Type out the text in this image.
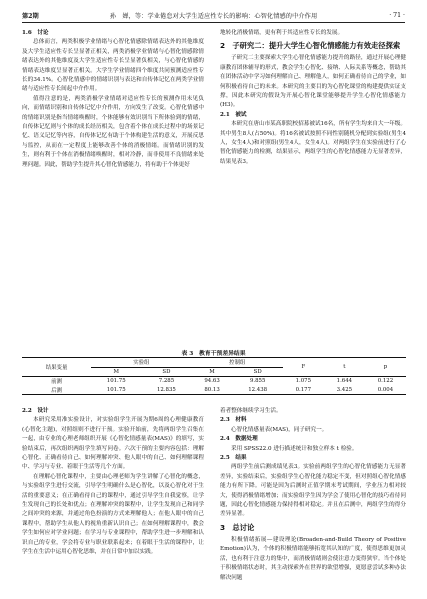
第2期	孙　婵，等：学业倦怠对大学生适应性专长的影响：心智化情感的中介作用	· 71 ·
1.6　讨论

总体而言，两类积极学业情绪与心智化情感除情绪表达外的其他维度及大学生适应性专长呈显著正相关，两类消极学业情绪与心智化情感除情绪表达外的其他维度及大学生适应性专长呈显著负相关，与心智化情感的情绪表达维度呈显著正相关。大学生学业情绪四个维度共同预测适应性专长的34.1%。心智化情感中的情绪识别与表达和自传体记忆在两类学业情绪与适应性专长间起中介作用。

值得注意的是，两类消极学业情绪对适应性专长的预测作用未见负向，而情绪识别和自传体记忆中介作用，方向发生了改变。心智化情感中的情绪识别是指当情绪唤醒时，个体能够有效识别当下所体验到的情绪，自传体记忆则与个体的成长经历相关，包含着个体在成长过程中的场景记忆、语义记忆等内容，自传体记忆有助于个体构建生活的意义，开展反思与监控，从而在一定程度上能够改善个体的消极情绪。而情绪识别的发生，则有利于个体在消极情绪唤醒时，相对冷静，而非使用不良情绪来处理问题。因此，帮助学生提升其心智化情感能力，将有助于个体更好

地转化消极情绪，更有利于其适应性专长的发展。

2　子研究二：提升大学生心智化情感能力有效走径探索

子研究二主要探索大学生心智化情感能力提升的路径，通过开展心理健康教育团体辅导的形式，教会学生心智化、接纳、人际关系等概念，帮助其在团体活动中学习如何理解自己、理解他人，如何正确看待自己的学业，如何积极看待自己的未来。本研究的主要目的为心智化课堂的构建提供实证支撑，因此本研究的假设为开展心智化课堂能够提升学生心智化情感能力(H3)。

2.1　被试

本研究在唐山市某高职院校招募被试16名，所有学生均来自大一年级。其中男生8人(占50%)。将16名被试按照不同性别随机分配到实验组(男生4人，女生4人)和对照组(男生4人，女生4人)。对两组学生在实验前进行了心智化情感能力的检测，结果显示，两组学生的心智化情感能力无显著差异，结果见表3。

表 3　教育干预差异结果
结果变量	实验组		控制组		F	t	p
	M	SD	M	SD			
前测	101.75	7.285	94.63	9.855	1.075	1.644	0.122
后测	101.75	12.835	80.13	12.438	0.177	3.425	0.004
2.2　设计

本研究采用准实验设计，对实验组学生开展为期6周的心理健康教育(心智化主题)，对照组则不进行干预。实验开始前，先将两组学生召集在一起，由专业的心理老师组织开展《心智化情感量表(MAS)》的填写，实验结束后，再次组织两组学生填写问卷。六次干预的主要内容包括：理解心智化、正确看待自己、如何理解冲突、他人眼中的自己、如何理解课程中、学习与专业、着眼于生活等几个方面。

在理解心智化课程中，主要由心理老师为学生讲解了心智化的概念，与实验组学生进行交流，引导学生明确什么是心智化，以及心智化对于生活的重要意义；在正确看待自己的课程中，通过引导学生自我觉察，让学生发现自己的长处和优点；在理解冲突的课程中，让学生发现自己和同学之间冲突的来源，并通过角色扮演的方式来理解他人；在他人眼中的自己课程中，帮助学生从他人的视角重新认识自己；在如何理解课程中，教会学生如何应对学业问题；在学习与专业课程中，帮助学生进一步理解和认识自己的专业，学会将专业与职业联系起来；在着眼于生活的课程中，让学生在生活中运用心智化思维，并在日常中加以实践。

着者整体继续学习生活。

2.3　材料

心智化情感量表(MAS)，同子研究一。

2.4　数据处理

采用 SPSS22.0 进行描述统计和独立样本 t 检验。

2.5　结果

两组学生前后测成绩见表3。实验前两组学生的心智化情感能力无显著差异，实验结束后，实验组学生心智化能力稳定不变，但对照组心智化情感能力有所下降。可能是因为后测时正值学期末考试期间，学业压力相对较大，使得消极情绪增加；而实验组学生因为学会了使用心智化的技巧看待问题，因此心智化情感能力保持得相对稳定。并且在后测中，两组学生的得分差异显著。

3　总讨论

积极情绪拓展—建设理论(Broaden-and-Build Theory of Positive Emotion)认为，个体的积极情绪能够拓宽其认知的广度，使得思维更加灵活，也有利于注意力的集中，而消极情绪则会使注意力变得狭窄。当个体处于积极情绪状态时，其主动探索外在世界的欲望增强，更愿意尝试多种办法解决问题
